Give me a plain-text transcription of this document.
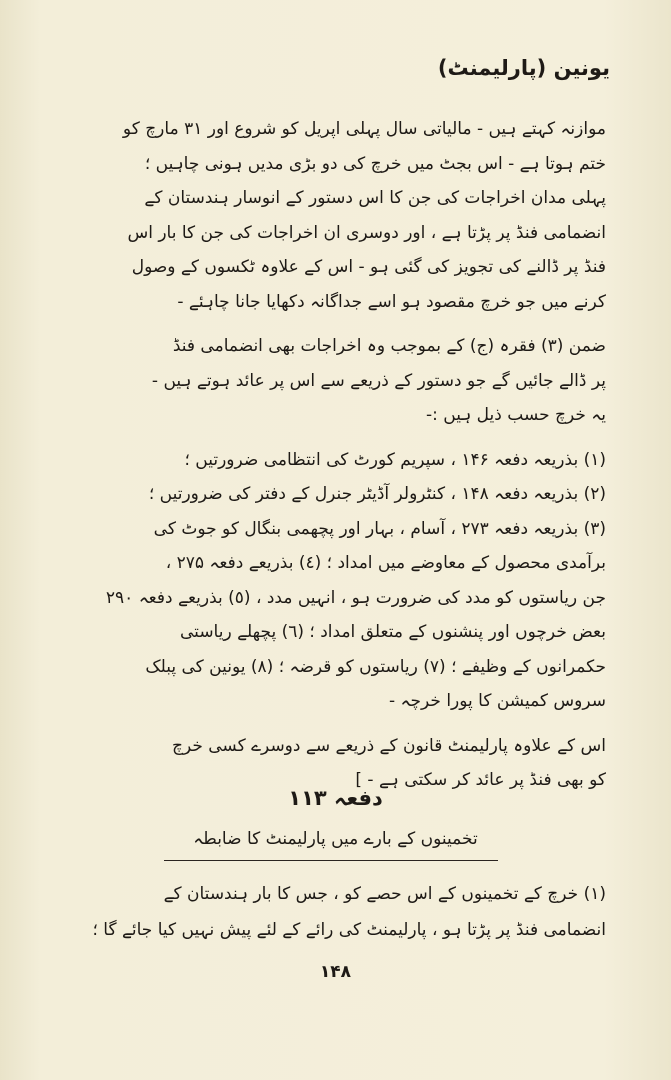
یونین (پارلیمنٹ)
موازنہ کہتے ہیں - مالیاتی سال پہلی اپریل کو شروع اور ۳۱ مارچ کو
ختم ہوتا ہے - اس بجٹ میں خرچ کی دو بڑی مدیں ہونی چاہیں ؛
پہلی مدان اخراجات کی جن کا اس دستور کے انوسار ہندستان کے
انضمامی فنڈ پر پڑتا ہے ، اور دوسری ان اخراجات کی جن کا بار اس
فنڈ پر ڈالنے کی تجویز کی گئی ہو - اس کے علاوہ ٹکسوں کے وصول
کرنے میں جو خرچ مقصود ہو اسے جداگانہ دکھایا جانا چاہئے -
ضمن (۳) فقرہ (ج) کے بموجب وہ اخراجات بھی انضمامی فنڈ
پر ڈالے جائیں گے جو دستور کے ذریعے سے اس پر عائد ہوتے ہیں -
یہ خرچ حسب ذیل ہیں :-
(۱) بذریعہ دفعہ ۱۴۶ ، سپریم کورٹ کی انتظامی ضرورتیں ؛
(۲) بذریعہ دفعہ ۱۴۸ ، کنٹرولر آڈیٹر جنرل کے دفتر کی ضرورتیں ؛
(۳) بذریعہ دفعہ ۲۷۳ ، آسام ، بہار اور پچھمی بنگال کو جوٹ کی
برآمدی محصول کے معاوضے میں امداد ؛ (٤) بذریعے دفعہ ۲۷۵ ،
جن ریاستوں کو مدد کی ضرورت ہو ، انہیں مدد ، (٥) بذریعے دفعہ ۲۹۰
بعض خرچوں اور پنشنوں کے متعلق امداد ؛ (٦) پچھلے ریاستی
حکمرانوں کے وظیفے ؛ (۷) ریاستوں کو قرضہ ؛ (۸) یونین کی پبلک
سروس کمیشن کا پورا خرچہ -
اس کے علاوہ پارلیمنٹ قانون کے ذریعے سے دوسرے کسی خرچ
کو بھی فنڈ پر عائد کر سکتی ہے - ]
دفعہ ۱۱۳
تخمینوں کے بارے میں پارلیمنٹ کا ضابطہ
(۱) خرچ کے تخمینوں کے اس حصے کو ، جس کا بار ہندستان کے
انضمامی فنڈ پر پڑتا ہو ، پارلیمنٹ کی رائے کے لئے پیش نہیں کیا جائے گا ؛
۱۴۸
